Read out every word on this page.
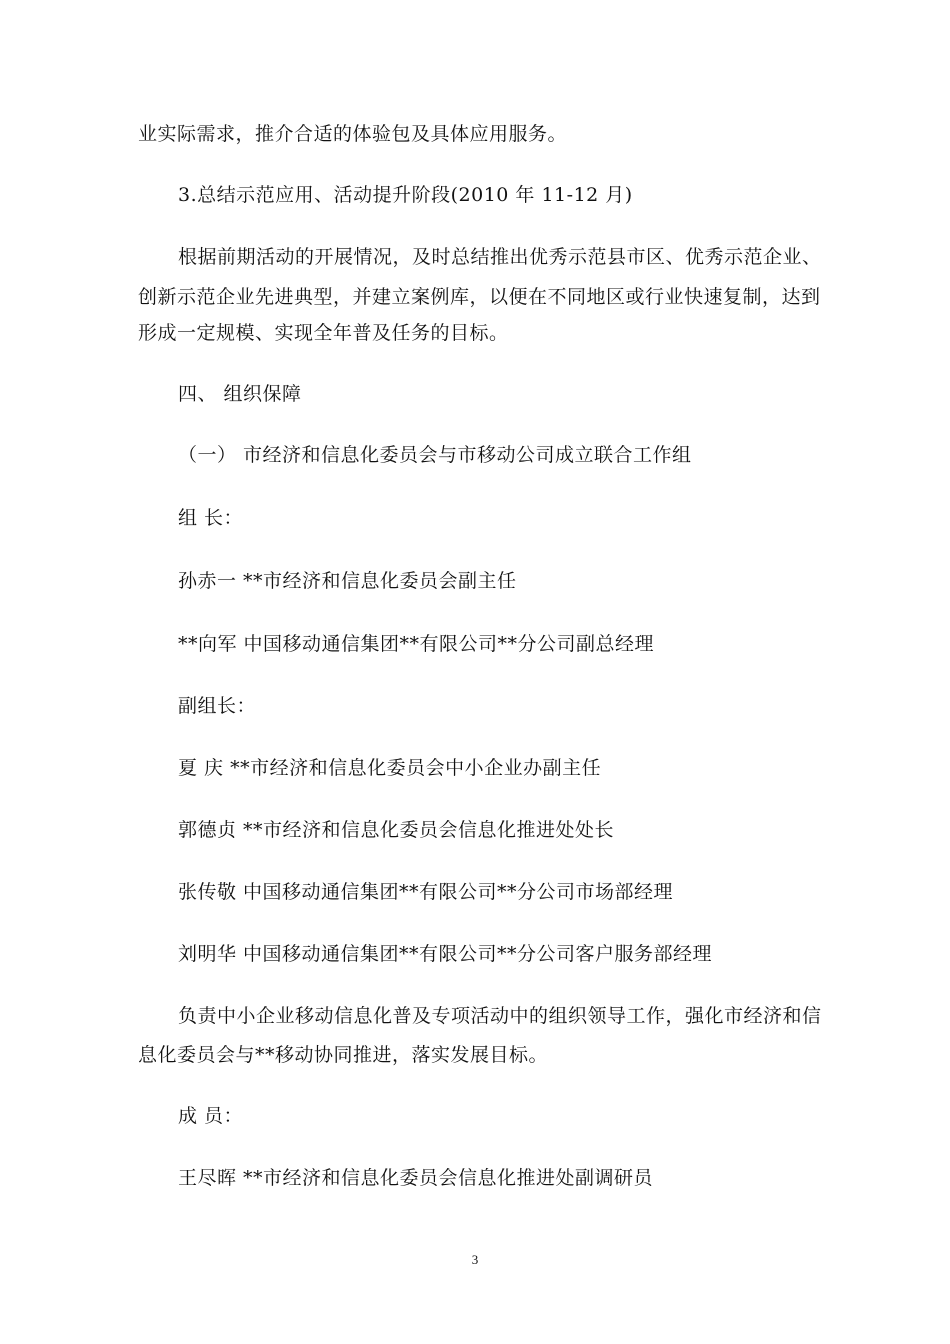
业实际需求，推介合适的体验包及具体应用服务。
3.总结示范应用、活动提升阶段(2010 年 11-12 月)
根据前期活动的开展情况，及时总结推出优秀示范县市区、优秀示范企业、
创新示范企业先进典型，并建立案例库，以便在不同地区或行业快速复制，达到
形成一定规模、实现全年普及任务的目标。
四、 组织保障
（一） 市经济和信息化委员会与市移动公司成立联合工作组
组 长：
孙赤一 **市经济和信息化委员会副主任
**向军 中国移动通信集团**有限公司**分公司副总经理
副组长：
夏 庆 **市经济和信息化委员会中小企业办副主任
郭德贞 **市经济和信息化委员会信息化推进处处长
张传敬 中国移动通信集团**有限公司**分公司市场部经理
刘明华 中国移动通信集团**有限公司**分公司客户服务部经理
负责中小企业移动信息化普及专项活动中的组织领导工作，强化市经济和信
息化委员会与**移动协同推进，落实发展目标。
成 员：
王尽晖 **市经济和信息化委员会信息化推进处副调研员
3
